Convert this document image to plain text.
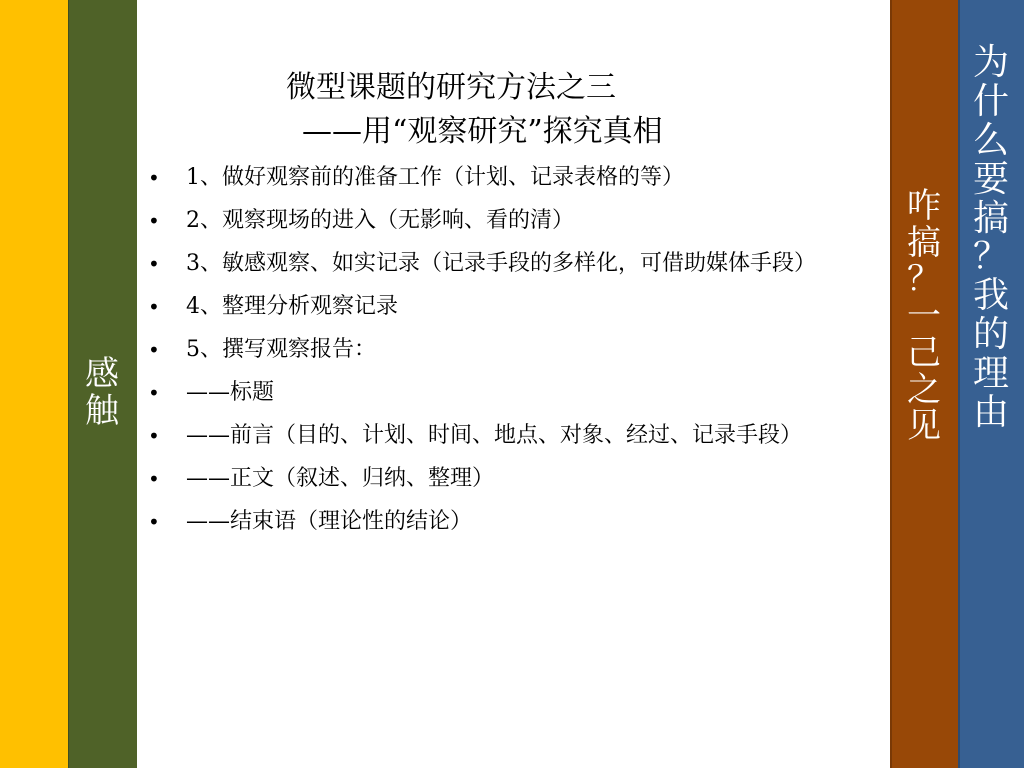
感
触
咋
搞
？
一
己
之
见
为
什
么
要
搞
？
我
的
理
由
微型课题的研究方法之三
——用“观察研究”探究真相
• 1、做好观察前的准备工作（计划、记录表格的等）
• 2、观察现场的进入（无影响、看的清）
• 3、敏感观察、如实记录（记录手段的多样化，可借助媒体手段）
• 4、整理分析观察记录
• 5、撰写观察报告：
• ——标题
• ——前言（目的、计划、时间、地点、对象、经过、记录手段）
• ——正文（叙述、归纳、整理）
• ——结束语（理论性的结论）
